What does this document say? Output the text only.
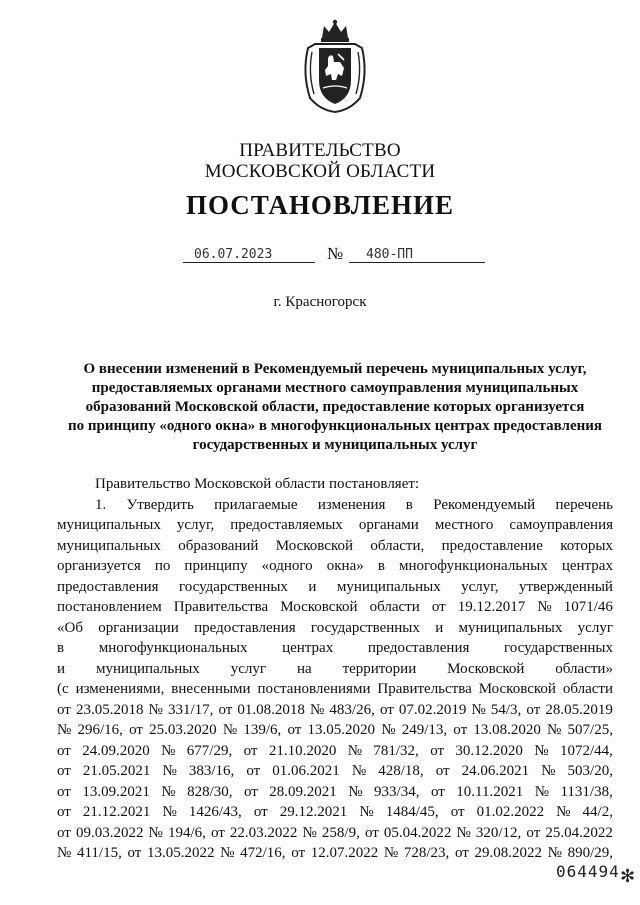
ПРАВИТЕЛЬСТВО
МОСКОВСКОЙ ОБЛАСТИ
ПОСТАНОВЛЕНИЕ
06.07.2023	№ 480-ПП
г. Красногорск
О внесении изменений в Рекомендуемый перечень муниципальных услуг,
предоставляемых органами местного самоуправления муниципальных
образований Московской области, предоставление которых организуется
по принципу «одного окна» в многофункциональных центрах предоставления
государственных и муниципальных услуг

Правительство Московской области постановляет:

1. Утвердить прилагаемые изменения в Рекомендуемый перечень
муниципальных услуг, предоставляемых органами местного самоуправления
муниципальных образований Московской области, предоставление которых
организуется по принципу «одного окна» в многофункциональных центрах
предоставления государственных и муниципальных услуг, утвержденный
постановлением Правительства Московской области от 19.12.2017 № 1071/46
«Об организации предоставления государственных и муниципальных услуг
в многофункциональных центрах предоставления государственных
и муниципальных услуг на территории Московской области»
(с изменениями, внесенными постановлениями Правительства Московской области
от 23.05.2018 № 331/17, от 01.08.2018 № 483/26, от 07.02.2019 № 54/3, от 28.05.2019
№ 296/16, от 25.03.2020 № 139/6, от 13.05.2020 № 249/13, от 13.08.2020 № 507/25,
от 24.09.2020 № 677/29, от 21.10.2020 № 781/32, от 30.12.2020 № 1072/44,
от 21.05.2021 № 383/16, от 01.06.2021 № 428/18, от 24.06.2021 № 503/20,
от 13.09.2021 № 828/30, от 28.09.2021 № 933/34, от 10.11.2021 № 1131/38,
от 21.12.2021 № 1426/43, от 29.12.2021 № 1484/45, от 01.02.2022 № 44/2,
от 09.03.2022 № 194/6, от 22.03.2022 № 258/9, от 05.04.2022 № 320/12, от 25.04.2022
№ 411/15, от 13.05.2022 № 472/16, от 12.07.2022 № 728/23, от 29.08.2022 № 890/29,
064494 ✻
